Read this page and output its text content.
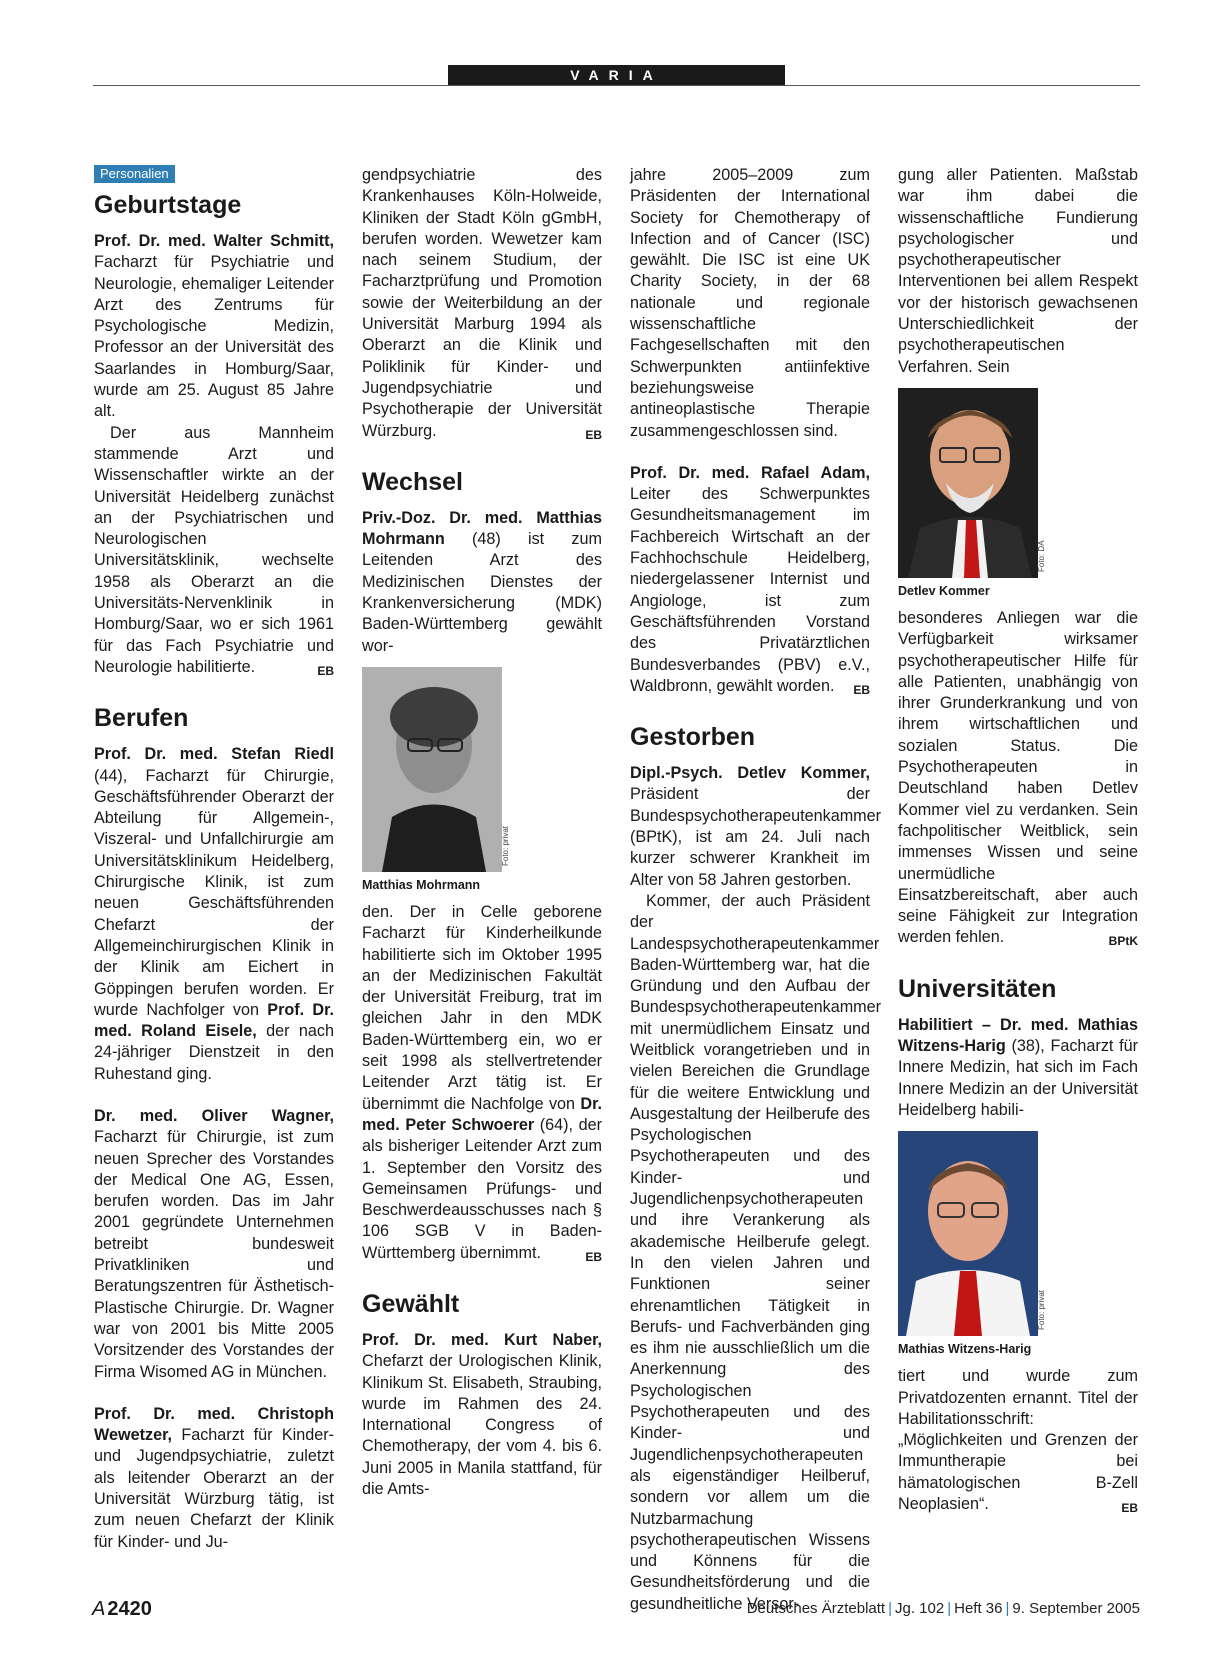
VARIA
Personalien
Geburtstage

Prof. Dr. med. Walter Schmitt, Facharzt für Psychiatrie und Neurologie, ehemaliger Leitender Arzt des Zentrums für Psychologische Medizin, Professor an der Universität des Saarlandes in Homburg/Saar, wurde am 25. August 85 Jahre alt.

Der aus Mannheim stammende Arzt und Wissenschaftler wirkte an der Universität Heidelberg zunächst an der Psychiatrischen und Neurologischen Universitätsklinik, wechselte 1958 als Oberarzt an die Universitäts-Nervenklinik in Homburg/Saar, wo er sich 1961 für das Fach Psychiatrie und Neurologie habilitierte.	EB

Berufen

Prof. Dr. med. Stefan Riedl (44), Facharzt für Chirurgie, Geschäftsführender Oberarzt der Abteilung für Allgemein-, Viszeral- und Unfallchirurgie am Universitätsklinikum Heidelberg, Chirurgische Klinik, ist zum neuen Geschäftsführenden Chefarzt der Allgemeinchirurgischen Klinik in der Klinik am Eichert in Göppingen berufen worden. Er wurde Nachfolger von Prof. Dr. med. Roland Eisele, der nach 24-jähriger Dienstzeit in den Ruhestand ging.

Dr. med. Oliver Wagner, Facharzt für Chirurgie, ist zum neuen Sprecher des Vorstandes der Medical One AG, Essen, berufen worden. Das im Jahr 2001 gegründete Unternehmen betreibt bundesweit Privatkliniken und Beratungszentren für Ästhetisch-Plastische Chirurgie. Dr. Wagner war von 2001 bis Mitte 2005 Vorsitzender des Vorstandes der Firma Wisomed AG in München.

Prof. Dr. med. Christoph Wewetzer, Facharzt für Kinder- und Jugendpsychiatrie, zuletzt als leitender Oberarzt an der Universität Würzburg tätig, ist zum neuen Chefarzt der Klinik für Kinder- und Ju-

gendpsychiatrie des Krankenhauses Köln-Holweide, Kliniken der Stadt Köln gGmbH, berufen worden. Wewetzer kam nach seinem Studium, der Facharztprüfung und Promotion sowie der Weiterbildung an der Universität Marburg 1994 als Oberarzt an die Klinik und Poliklinik für Kinder- und Jugendpsychiatrie und Psychotherapie der Universität Würzburg.	EB

Wechsel

Priv.-Doz. Dr. med. Matthias Mohrmann (48) ist zum Leitenden Arzt des Medizinischen Dienstes der Krankenversicherung (MDK) Baden-Württemberg gewählt wor-

Foto: privat
Matthias Mohrmann

den. Der in Celle geborene Facharzt für Kinderheilkunde habilitierte sich im Oktober 1995 an der Medizinischen Fakultät der Universität Freiburg, trat im gleichen Jahr in den MDK Baden-Württemberg ein, wo er seit 1998 als stellvertretender Leitender Arzt tätig ist. Er übernimmt die Nachfolge von Dr. med. Peter Schwoerer (64), der als bisheriger Leitender Arzt zum 1. September den Vorsitz des Gemeinsamen Prüfungs- und Beschwerdeausschusses nach § 106 SGB V in Baden-Württemberg übernimmt.	EB

Gewählt

Prof. Dr. med. Kurt Naber, Chefarzt der Urologischen Klinik, Klinikum St. Elisabeth, Straubing, wurde im Rahmen des 24. International Congress of Chemotherapy, der vom 4. bis 6. Juni 2005 in Manila stattfand, für die Amts-

jahre 2005–2009 zum Präsidenten der International Society for Chemotherapy of Infection and of Cancer (ISC) gewählt. Die ISC ist eine UK Charity Society, in der 68 nationale und regionale wissenschaftliche Fachgesellschaften mit den Schwerpunkten antiinfektive beziehungsweise antineoplastische Therapie zusammengeschlossen sind.

Prof. Dr. med. Rafael Adam, Leiter des Schwerpunktes Gesundheitsmanagement im Fachbereich Wirtschaft an der Fachhochschule Heidelberg, niedergelassener Internist und Angiologe, ist zum Geschäftsführenden Vorstand des Privatärztlichen Bundesverbandes (PBV) e.V., Waldbronn, gewählt worden. EB

Gestorben

Dipl.-Psych. Detlev Kommer, Präsident der Bundespsychotherapeutenkammer (BPtK), ist am 24. Juli nach kurzer schwerer Krankheit im Alter von 58 Jahren gestorben.

Kommer, der auch Präsident der Landespsychotherapeutenkammer Baden-Württemberg war, hat die Gründung und den Aufbau der Bundespsychotherapeutenkammer mit unermüdlichem Einsatz und Weitblick vorangetrieben und in vielen Bereichen die Grundlage für die weitere Entwicklung und Ausgestaltung der Heilberufe des Psychologischen Psychotherapeuten und des Kinder- und Jugendlichenpsychotherapeuten und ihre Verankerung als akademische Heilberufe gelegt. In den vielen Jahren und Funktionen seiner ehrenamtlichen Tätigkeit in Berufs- und Fachverbänden ging es ihm nie ausschließlich um die Anerkennung des Psychologischen Psychotherapeuten und des Kinder- und Jugendlichenpsychotherapeuten als eigenständiger Heilberuf, sondern vor allem um die Nutzbarmachung psychotherapeutischen Wissens und Könnens für die Gesundheitsförderung und die gesundheitliche Versor-

gung aller Patienten. Maßstab war ihm dabei die wissenschaftliche Fundierung psychologischer und psychotherapeutischer Interventionen bei allem Respekt vor der historisch gewachsenen Unterschiedlichkeit der psychotherapeutischen Verfahren. Sein

Foto: DÄ
Detlev Kommer

besonderes Anliegen war die Verfügbarkeit wirksamer psychotherapeutischer Hilfe für alle Patienten, unabhängig von ihrer Grunderkrankung und von ihrem wirtschaftlichen und sozialen Status. Die Psychotherapeuten in Deutschland haben Detlev Kommer viel zu verdanken. Sein fachpolitischer Weitblick, sein immenses Wissen und seine unermüdliche Einsatzbereitschaft, aber auch seine Fähigkeit zur Integration werden fehlen.	BPtK

Universitäten

Habilitiert – Dr. med. Mathias Witzens-Harig (38), Facharzt für Innere Medizin, hat sich im Fach Innere Medizin an der Universität Heidelberg habili-

Foto: privat
Mathias Witzens-Harig

tiert und wurde zum Privatdozenten ernannt. Titel der Habilitationsschrift: „Möglichkeiten und Grenzen der Immuntherapie bei hämatologischen B-Zell Neoplasien“.	EB

A 2420	Deutsches Ärzteblatt | Jg. 102 | Heft 36 | 9. September 2005
